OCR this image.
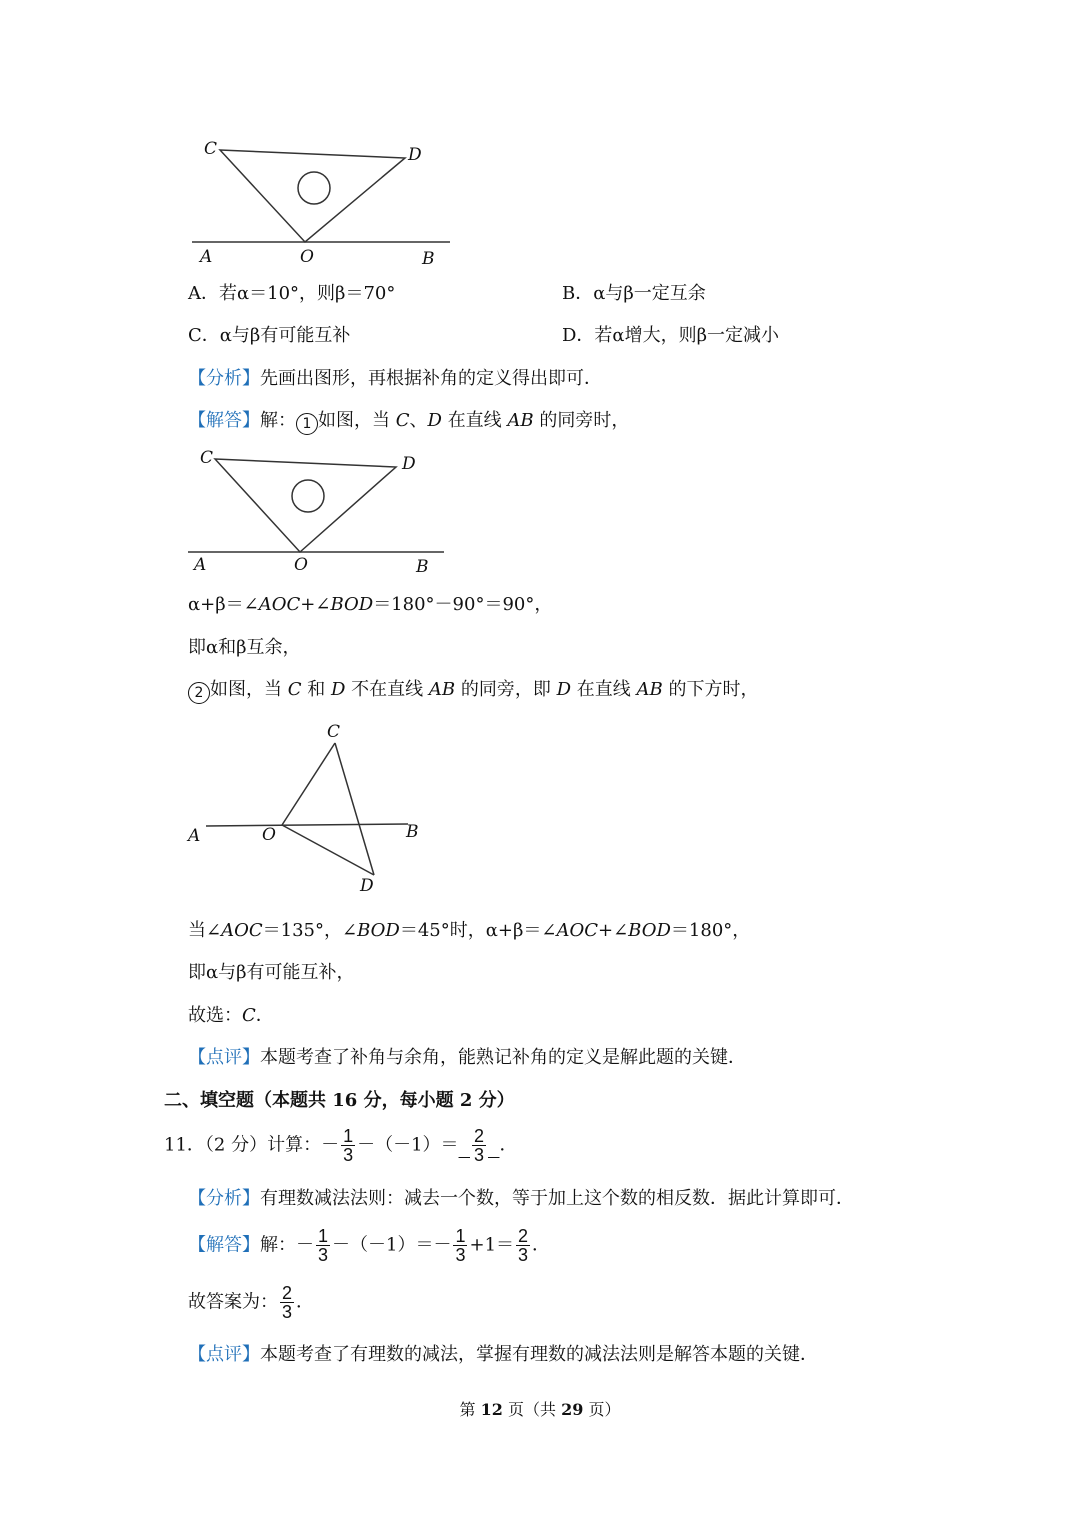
C	D
A	O	B
A．若α＝10°，则β＝70°	B．α与β一定互余
C．α与β有可能互补	D．若α增大，则β一定减小
【分析】先画出图形，再根据补角的定义得出即可．
【解答】解： 1 如图，当 C、D 在直线 AB 的同旁时，
C	D
A	O	B
α+β＝∠AOC+∠BOD＝180°－90°＝90°，
即α和β互余，
2 如图，当 C 和 D 不在直线 AB 的同旁，即 D 在直线 AB 的下方时，
C
A	O	B
D
当∠AOC＝135°，∠BOD＝45°时，α+β＝∠AOC+∠BOD＝180°，
即α与β有可能互补，
故选：C．
【点评】本题考查了补角与余角，能熟记补角的定义是解此题的关键．
二、填空题（本题共 16 分，每小题 2 分）
11．（2 分）计算：－ $\frac{1}{3} -(-1)= \frac{2}{3}$ ．
【分析】有理数减法法则：减去一个数，等于加上这个数的相反数．据此计算即可．
【解答】解：－ $\frac{1}{3} -(-1)=- \frac{1}{3} +1= \frac{2}{3}$ ．
故答案为： $\frac{2}{3}$ ．
【点评】本题考查了有理数的减法，掌握有理数的减法法则是解答本题的关键．
第 12 页（共 29 页）
